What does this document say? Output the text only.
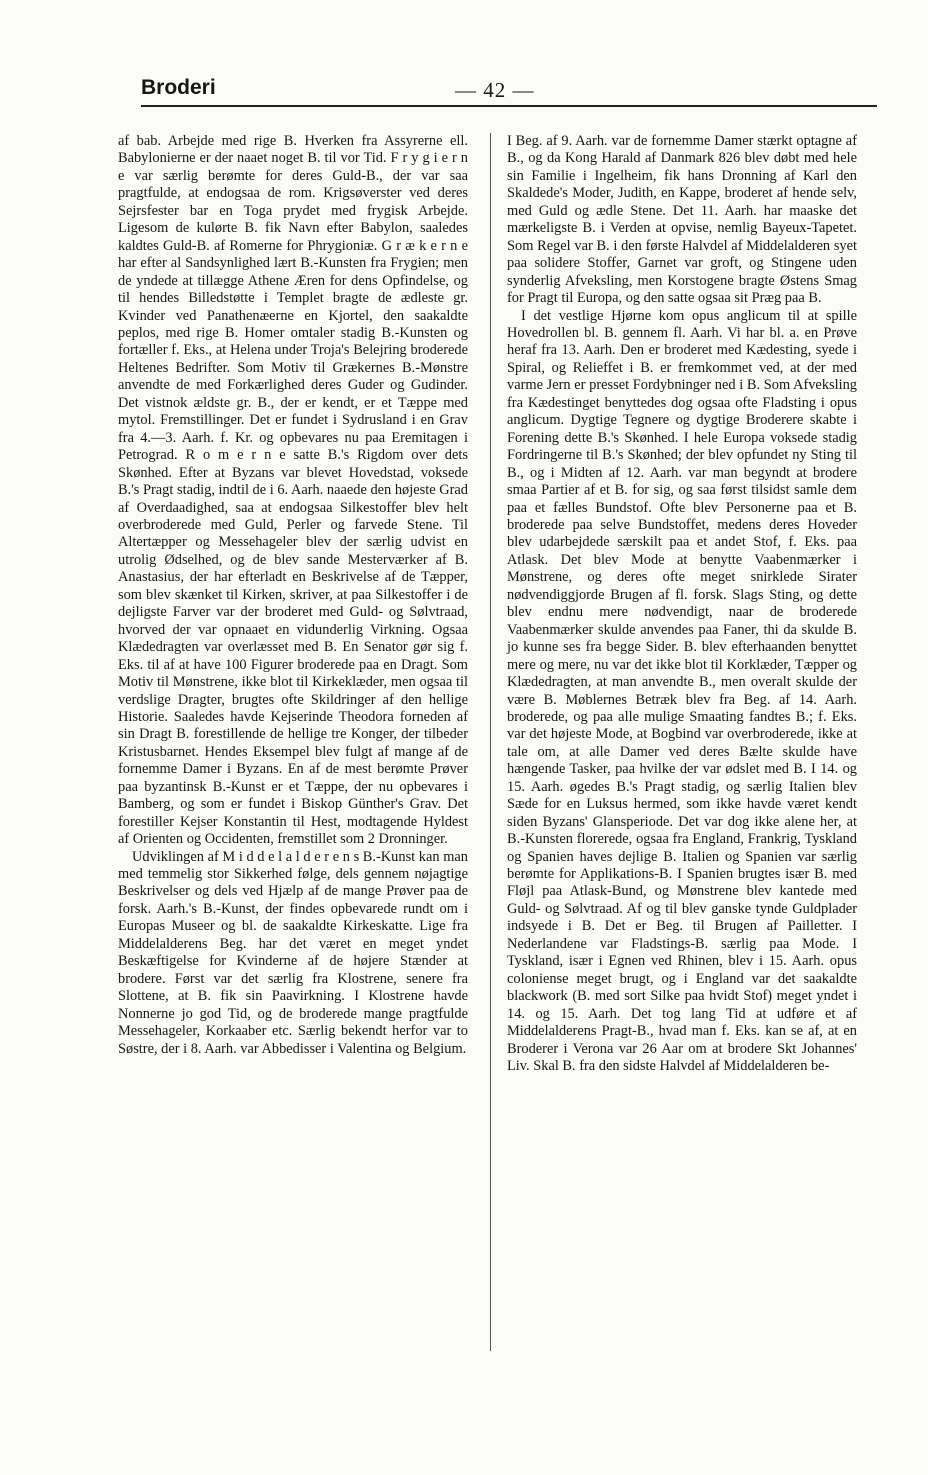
Broderi	— 42 —

af bab. Arbejde med rige B. Hverken fra Assyrerne ell. Babylonierne er der naaet noget B. til vor Tid. F r y g i e r n e var særlig berømte for deres Guld-B., der var saa pragtfulde, at endogsaa de rom. Krigsøverster ved deres Sejrsfester bar en Toga prydet med frygisk Arbejde. Ligesom de kulørte B. fik Navn efter Babylon, saaledes kaldtes Guld-B. af Romerne for Phrygioniæ. G r æ k e r n e har efter al Sandsynlighed lært B.-Kunsten fra Frygien; men de yndede at tillægge Athene Æren for dens Opfindelse, og til hendes Billedstøtte i Templet bragte de ædleste gr. Kvinder ved Panathenæerne en Kjortel, den saakaldte peplos, med rige B. Homer omtaler stadig B.-Kunsten og fortæller f. Eks., at Helena under Troja's Belejring broderede Heltenes Bedrifter. Som Motiv til Grækernes B.-Mønstre anvendte de med Forkærlighed deres Guder og Gudinder. Det vistnok ældste gr. B., der er kendt, er et Tæppe med mytol. Fremstillinger. Det er fundet i Sydrusland i en Grav fra 4.—3. Aarh. f. Kr. og opbevares nu paa Eremitagen i Petrograd. R o m e r n e satte B.'s Rigdom over dets Skønhed. Efter at Byzans var blevet Hovedstad, voksede B.'s Pragt stadig, indtil de i 6. Aarh. naaede den højeste Grad af Overdaadighed, saa at endogsaa Silkestoffer blev helt overbroderede med Guld, Perler og farvede Stene. Til Altertæpper og Messehageler blev der særlig udvist en utrolig Ødselhed, og de blev sande Mesterværker af B. Anastasius, der har efterladt en Beskrivelse af de Tæpper, som blev skænket til Kirken, skriver, at paa Silkestoffer i de dejligste Farver var der broderet med Guld- og Sølvtraad, hvorved der var opnaaet en vidunderlig Virkning. Ogsaa Klædedragten var overlæsset med B. En Senator gør sig f. Eks. til af at have 100 Figurer broderede paa en Dragt. Som Motiv til Mønstrene, ikke blot til Kirkeklæder, men ogsaa til verdslige Dragter, brugtes ofte Skildringer af den hellige Historie. Saaledes havde Kejserinde Theodora forneden af sin Dragt B. forestillende de hellige tre Konger, der tilbeder Kristusbarnet. Hendes Eksempel blev fulgt af mange af de fornemme Damer i Byzans. En af de mest berømte Prøver paa byzantinsk B.-Kunst er et Tæppe, der nu opbevares i Bamberg, og som er fundet i Biskop Günther's Grav. Det forestiller Kejser Konstantin til Hest, modtagende Hyldest af Orienten og Occidenten, fremstillet som 2 Dronninger.

Udviklingen af M i d d e l a l d e r e n s B.-Kunst kan man med temmelig stor Sikkerhed følge, dels gennem nøjagtige Beskrivelser og dels ved Hjælp af de mange Prøver paa de forsk. Aarh.'s B.-Kunst, der findes opbevarede rundt om i Europas Museer og bl. de saakaldte Kirkeskatte. Lige fra Middelalderens Beg. har det været en meget yndet Beskæftigelse for Kvinderne af de højere Stænder at brodere. Først var det særlig fra Klostrene, senere fra Slottene, at B. fik sin Paavirkning. I Klostrene havde Nonnerne jo god Tid, og de broderede mange pragtfulde Messehageler, Korkaaber etc. Særlig bekendt herfor var to Søstre, der i 8. Aarh. var Abbedisser i Valentina og Belgium.

I Beg. af 9. Aarh. var de fornemme Damer stærkt optagne af B., og da Kong Harald af Danmark 826 blev døbt med hele sin Familie i Ingelheim, fik hans Dronning af Karl den Skaldede's Moder, Judith, en Kappe, broderet af hende selv, med Guld og ædle Stene. Det 11. Aarh. har maaske det mærkeligste B. i Verden at opvise, nemlig Bayeux-Tapetet. Som Regel var B. i den første Halvdel af Middelalderen syet paa solidere Stoffer, Garnet var groft, og Stingene uden synderlig Afveksling, men Korstogene bragte Østens Smag for Pragt til Europa, og den satte ogsaa sit Præg paa B.

I det vestlige Hjørne kom opus anglicum til at spille Hovedrollen bl. B. gennem fl. Aarh. Vi har bl. a. en Prøve heraf fra 13. Aarh. Den er broderet med Kædesting, syede i Spiral, og Relieffet i B. er fremkommet ved, at der med varme Jern er presset Fordybninger ned i B. Som Afveksling fra Kædestinget benyttedes dog ogsaa ofte Fladsting i opus anglicum. Dygtige Tegnere og dygtige Broderere skabte i Forening dette B.'s Skønhed. I hele Europa voksede stadig Fordringerne til B.'s Skønhed; der blev opfundet ny Sting til B., og i Midten af 12. Aarh. var man begyndt at brodere smaa Partier af et B. for sig, og saa først tilsidst samle dem paa et fælles Bundstof. Ofte blev Personerne paa et B. broderede paa selve Bundstoffet, medens deres Hoveder blev udarbejdede særskilt paa et andet Stof, f. Eks. paa Atlask. Det blev Mode at benytte Vaabenmærker i Mønstrene, og deres ofte meget snirklede Sirater nødvendiggjorde Brugen af fl. forsk. Slags Sting, og dette blev endnu mere nødvendigt, naar de broderede Vaabenmærker skulde anvendes paa Faner, thi da skulde B. jo kunne ses fra begge Sider. B. blev efterhaanden benyttet mere og mere, nu var det ikke blot til Korklæder, Tæpper og Klædedragten, at man anvendte B., men overalt skulde der være B. Møblernes Betræk blev fra Beg. af 14. Aarh. broderede, og paa alle mulige Smaating fandtes B.; f. Eks. var det højeste Mode, at Bogbind var overbroderede, ikke at tale om, at alle Damer ved deres Bælte skulde have hængende Tasker, paa hvilke der var ødslet med B. I 14. og 15. Aarh. øgedes B.'s Pragt stadig, og særlig Italien blev Sæde for en Luksus hermed, som ikke havde været kendt siden Byzans' Glansperiode. Det var dog ikke alene her, at B.-Kunsten florerede, ogsaa fra England, Frankrig, Tyskland og Spanien haves dejlige B. Italien og Spanien var særlig berømte for Applikations-B. I Spanien brugtes især B. med Fløjl paa Atlask-Bund, og Mønstrene blev kantede med Guld- og Sølvtraad. Af og til blev ganske tynde Guldplader indsyede i B. Det er Beg. til Brugen af Pailletter. I Nederlandene var Fladstings-B. særlig paa Mode. I Tyskland, især i Egnen ved Rhinen, blev i 15. Aarh. opus coloniense meget brugt, og i England var det saakaldte blackwork (B. med sort Silke paa hvidt Stof) meget yndet i 14. og 15. Aarh. Det tog lang Tid at udføre et af Middelalderens Pragt-B., hvad man f. Eks. kan se af, at en Broderer i Verona var 26 Aar om at brodere Skt Johannes' Liv. Skal B. fra den sidste Halvdel af Middelalderen be-
